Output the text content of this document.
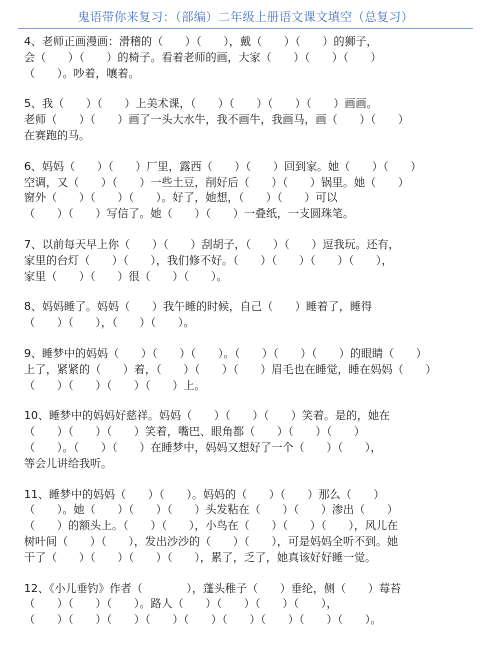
鬼语带你来复习：（部编）二年级上册语文课文填空（总复习）

4、老师正画漫画：滑稽的（　　）（　　），戴（　　）（　　）的狮子，

会（　　）（　　）的椅子。看着老师的画，大家（　　）（　　）（　　）

（　　）。吵着，嚷着。

5、我（　　）（　　）上美术课，（　　）（　　）（　　）（　　）画画。

老师（　　）（　　）画了一头大水牛，我不画牛，我画马，画（　　）（　　）

在赛跑的马。

6、妈妈（　　）（　　）厂里，露西（　　）（　　）回到家。她（　　）（　　）

空调，又（　　）（　　）一些土豆，削好后（　　）（　　）锅里。她（　　）

窗外（　　）（　　）（　　）。好了，她想，（　　）（　　）可以

（　　）（　　）写信了。她（　　）（　　）一叠纸，一支圆珠笔。

7、以前每天早上你（　　）（　　）刮胡子，（　　）（　　）逗我玩。还有，

家里的台灯（　　）（　　），我们修不好。（　　）（　　）（　　）（　　），

家里（　　）（　　）很（　　）（　　）。

8、妈妈睡了。妈妈（　　）我午睡的时候，自己（　　）睡着了，睡得

（　　）（　　），（　　）（　　）。

9、睡梦中的妈妈（　　）（　　）（　　）。（　　）（　　）（　　）的眼睛（　　）

上了，紧紧的（　　）着，（　　）（　　）（　　）眉毛也在睡觉，睡在妈妈（　　）

（　　）（　　）（　　）（　　）上。

10、睡梦中的妈妈好慈祥。妈妈（　　）（　　）（　　）笑着。是的，她在

（　　）（　　）（　　）笑着，嘴巴、眼角都（　　）（　　）（　　）

（　　）。（　　）（　　）在睡梦中，妈妈又想好了一个（　　）（　　），

等会儿讲给我听。

11、睡梦中的妈妈（　　）（　　）。妈妈的（　　）（　　）那么（　　）

（　　）。她（　　）（　　）（　　）头发粘在（　　）（　　）渗出（　　）

（　　）的额头上。（　　）（　　），小鸟在（　　）（　　）（　　），风儿在

树叶间（　　）（　　），发出沙沙的（　　）（　　），可是妈妈全听不到。她

干了（　　）（　　）（　　）（　　），累了，乏了，她真该好好睡一觉。

12、《小儿垂钓》作者（　　　　），蓬头稚子（　　）垂纶，侧（　　）莓苔

（　　）（　　）（　　）。路人（　　）（　　）（　　）（　　），

（　　）（　　）（　　）（　　）（　　）（　　）（　　）（　　）（　　）。
